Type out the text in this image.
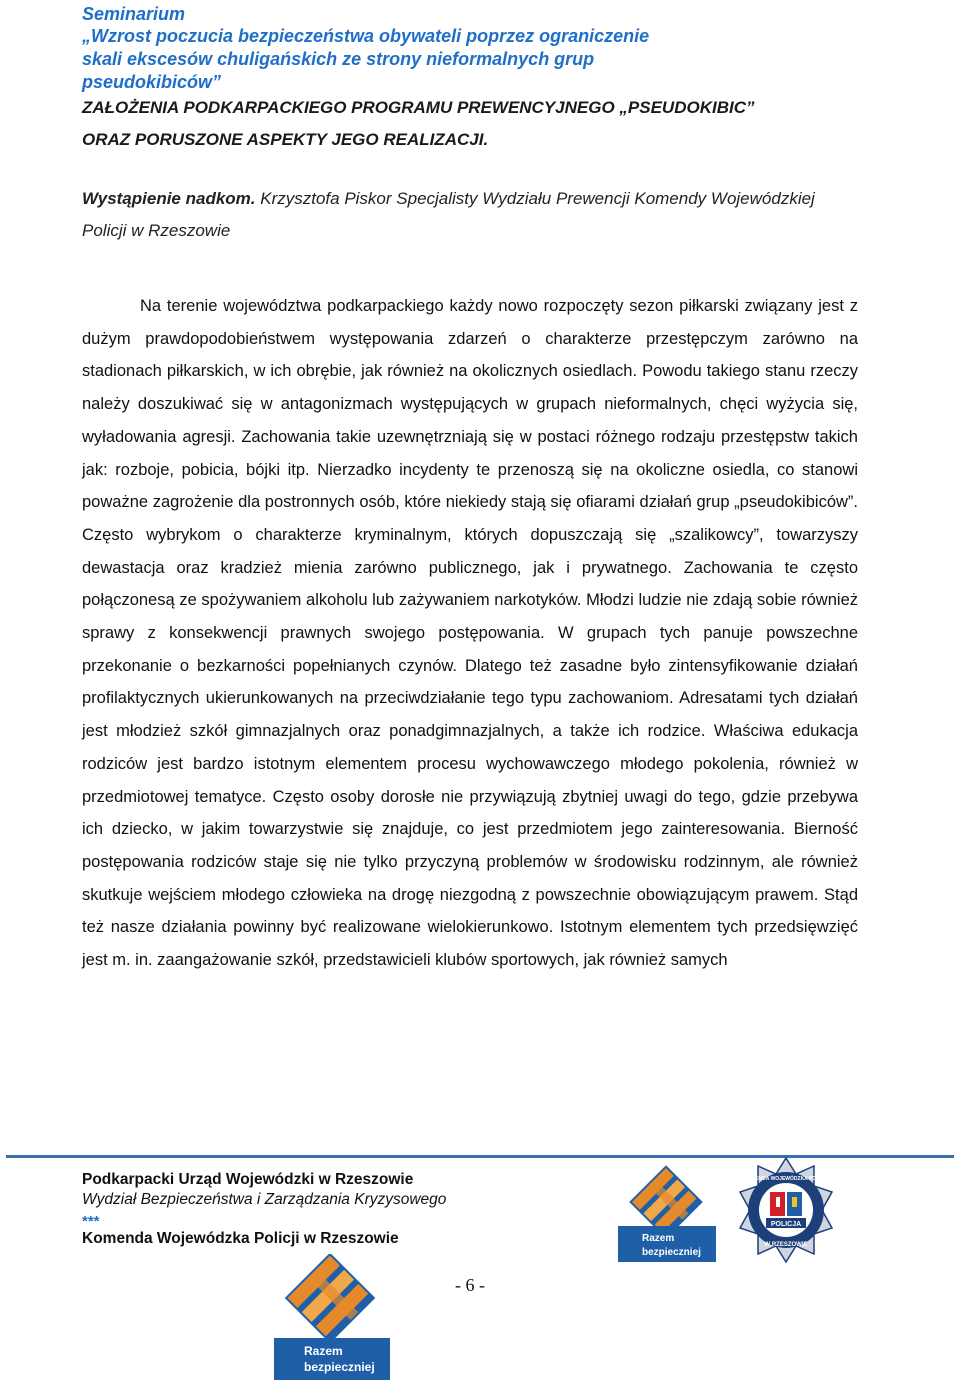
Seminarium

„Wzrost poczucia bezpieczeństwa obywateli poprzez ograniczenie

skali ekscesów chuligańskich ze strony nieformalnych grup

pseudokibiców”

ZAŁOŻENIA PODKARPACKIEGO PROGRAMU PREWENCYJNEGO „PSEUDOKIBIC”

ORAZ PORUSZONE ASPEKTY JEGO REALIZACJI.

Wystąpienie nadkom. Krzysztofa Piskor Specjalisty Wydziału Prewencji Komendy Wojewódzkiej Policji w Rzeszowie

Na terenie województwa podkarpackiego każdy nowo rozpoczęty sezon piłkarski związany jest z dużym prawdopodobieństwem występowania zdarzeń o charakterze przestępczym zarówno na stadionach piłkarskich, w ich obrębie, jak również na okolicznych osiedlach. Powodu takiego stanu rzeczy należy doszukiwać się w antagonizmach występujących w grupach nieformalnych, chęci wyżycia się, wyładowania agresji. Zachowania takie uzewnętrzniają się w postaci różnego rodzaju przestępstw takich jak: rozboje, pobicia, bójki itp. Nierzadko incydenty te przenoszą się na okoliczne osiedla, co stanowi poważne zagrożenie dla postronnych osób, które niekiedy stają się ofiarami działań grup „pseudokibiców”. Często wybrykom o charakterze kryminalnym, których dopuszczają się „szalikowcy”, towarzyszy dewastacja oraz kradzież mienia zarówno publicznego, jak i prywatnego. Zachowania te często połączonesą ze spożywaniem alkoholu lub zażywaniem narkotyków. Młodzi ludzie nie zdają sobie również sprawy z konsekwencji prawnych swojego postępowania. W grupach tych panuje powszechne przekonanie o bezkarności popełnianych czynów. Dlatego też zasadne było zintensyfikowanie działań profilaktycznych ukierunkowanych na przeciwdziałanie tego typu zachowaniom. Adresatami tych działań jest młodzież szkół gimnazjalnych oraz ponadgimnazjalnych, a także ich rodzice. Właściwa edukacja rodziców jest bardzo istotnym elementem procesu wychowawczego młodego pokolenia, również w przedmiotowej tematyce. Często osoby dorosłe nie przywiązują zbytniej uwagi do tego, gdzie przebywa ich dziecko, w jakim towarzystwie się znajduje, co jest przedmiotem jego zainteresowania. Bierność postępowania rodziców staje się nie tylko przyczyną problemów w środowisku rodzinnym, ale również skutkuje wejściem młodego człowieka na drogę niezgodną z powszechnie obowiązującym prawem. Stąd też nasze działania powinny być realizowane wielokierunkowo. Istotnym elementem tych przedsięwzięć jest m. in. zaangażowanie szkół, przedstawicieli klubów sportowych, jak również samych

Podkarpacki Urząd Wojewódzki w Rzeszowie

Wydział Bezpieczeństwa i Zarządzania Kryzysowego

***

Komenda Wojewódzka Policji w Rzeszowie

- 6 -

Razem
bezpieczniej
POLICJA
KOMENDA WOJEWÓDZKA POLICJI
W RZESZOWIE
Razem
bezpieczniej
